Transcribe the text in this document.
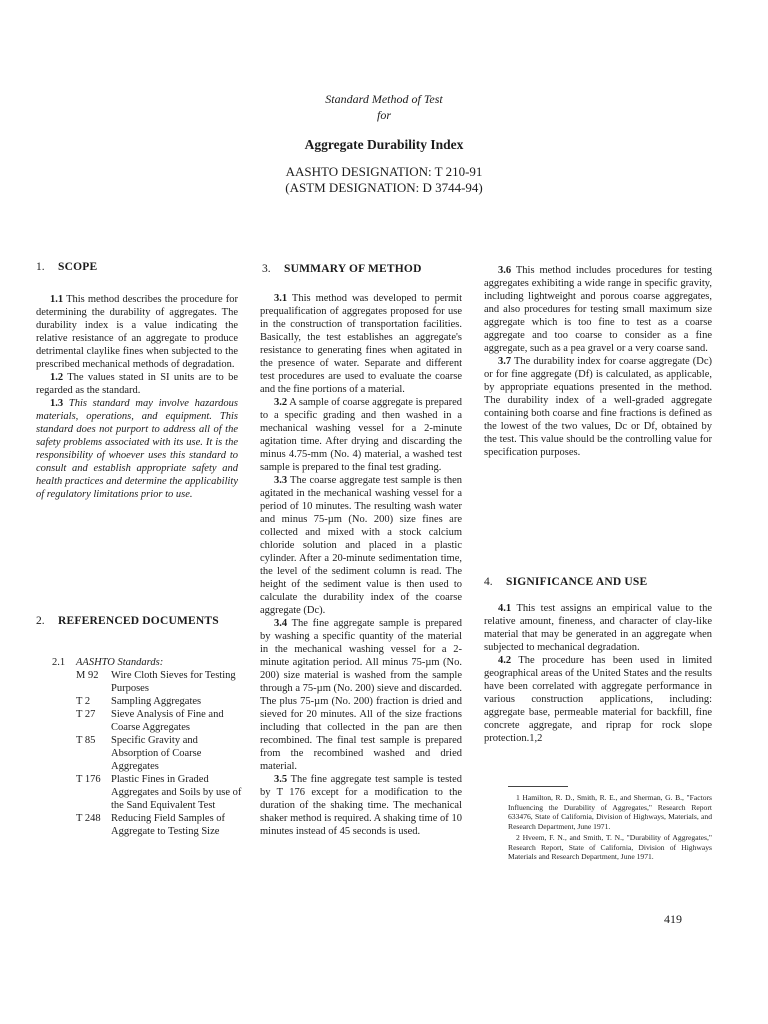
Standard Method of Test
for
Aggregate Durability Index
AASHTO DESIGNATION: T 210-91
(ASTM DESIGNATION: D 3744-94)
1. SCOPE

1.1 This method describes the procedure for determining the durability of aggregates. The durability index is a value indicating the relative resistance of an aggregate to produce detrimental claylike fines when subjected to the prescribed mechanical methods of degradation.

1.2 The values stated in SI units are to be regarded as the standard.

1.3 This standard may involve hazardous materials, operations, and equipment. This standard does not purport to address all of the safety problems associated with its use. It is the responsibility of whoever uses this standard to consult and establish appropriate safety and health practices and determine the applicability of regulatory limitations prior to use.

2. REFERENCED DOCUMENTS
2.1	AASHTO Standards:
M 92	Wire Cloth Sieves for Testing Purposes
T 2	Sampling Aggregates
T 27	Sieve Analysis of Fine and Coarse Aggregates
T 85	Specific Gravity and Absorption of Coarse Aggregates
T 176 Plastic Fines in Graded Aggregates and Soils by use of the Sand Equivalent Test
T 248 Reducing Field Samples of Aggregate to Testing Size
3. SUMMARY OF METHOD

3.1 This method was developed to permit prequalification of aggregates proposed for use in the construction of transportation facilities. Basically, the test establishes an aggregate's resistance to generating fines when agitated in the presence of water. Separate and different test procedures are used to evaluate the coarse and the fine portions of a material.

3.2 A sample of coarse aggregate is prepared to a specific grading and then washed in a mechanical washing vessel for a 2-minute agitation time. After drying and discarding the minus 4.75-mm (No. 4) material, a washed test sample is prepared to the final test grading.

3.3 The coarse aggregate test sample is then agitated in the mechanical washing vessel for a period of 10 minutes. The resulting wash water and minus 75-µm (No. 200) size fines are collected and mixed with a stock calcium chloride solution and placed in a plastic cylinder. After a 20-minute sedimentation time, the level of the sediment column is read. The height of the sediment value is then used to calculate the durability index of the coarse aggregate (Dc).

3.4 The fine aggregate sample is prepared by washing a specific quantity of the material in the mechanical washing vessel for a 2-minute agitation period. All minus 75-µm (No. 200) size material is washed from the sample through a 75-µm (No. 200) sieve and discarded. The plus 75-µm (No. 200) fraction is dried and sieved for 20 minutes. All of the size fractions including that collected in the pan are then recombined. The final test sample is prepared from the recombined washed and dried material.

3.5 The fine aggregate test sample is tested by T 176 except for a modification to the duration of the shaking time. The mechanical shaker method is required. A shaking time of 10 minutes instead of 45 seconds is used.

3.6 This method includes procedures for testing aggregates exhibiting a wide range in specific gravity, including lightweight and porous coarse aggregates, and also procedures for testing small maximum size aggregate which is too fine to test as a coarse aggregate and too coarse to consider as a fine aggregate, such as a pea gravel or a very coarse sand.

3.7 The durability index for coarse aggregate (Dc) or for fine aggregate (Df) is calculated, as applicable, by appropriate equations presented in the method. The durability index of a well-graded aggregate containing both coarse and fine fractions is defined as the lowest of the two values, Dc or Df, obtained by the test. This value should be the controlling value for specification purposes.

4. SIGNIFICANCE AND USE

4.1 This test assigns an empirical value to the relative amount, fineness, and character of clay-like material that may be generated in an aggregate when subjected to mechanical degradation.

4.2 The procedure has been used in limited geographical areas of the United States and the results have been correlated with aggregate performance in various construction applications, including: aggregate base, permeable material for backfill, fine concrete aggregate, and riprap for rock slope protection.1,2

1 Hamilton, R. D., Smith, R. E., and Sherman, G. B., "Factors Influencing the Durability of Aggregates," Research Report 633476, State of California, Division of Highways, Materials, and Research Department, June 1971.

2 Hveem, F. N., and Smith, T. N., "Durability of Aggregates," Research Report, State of California, Division of Highways Materials and Research Department, June 1971.

419
